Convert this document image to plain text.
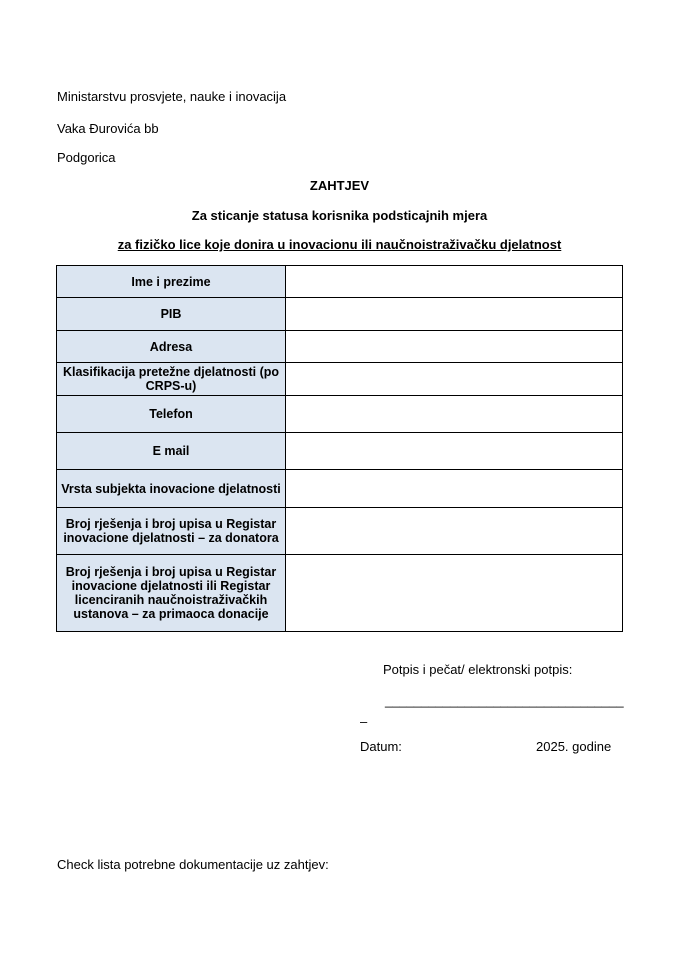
Ministarstvu prosvjete, nauke i inovacija
Vaka Đurovića bb
Podgorica
ZAHTJEV
Za sticanje statusa korisnika podsticajnih mjera
za fizičko lice koje donira u inovacionu ili naučnoistraživačku djelatnost
Ime i prezime	
PIB	
Adresa	
Klasifikacija pretežne djelatnosti (po CRPS-u)	
Telefon	
E mail	
Vrsta subjekta inovacione djelatnosti	
Broj rješenja i broj upisa u Registar inovacione djelatnosti – za donatora	
Broj rješenja i broj upisa u Registar inovacione djelatnosti ili Registar licenciranih naučnoistraživačkih ustanova – za primaoca donacije	
Potpis i pečat/ elektronski potpis:
_________________________________
–
Datum:	2025. godine
Check lista potrebne dokumentacije uz zahtjev:
